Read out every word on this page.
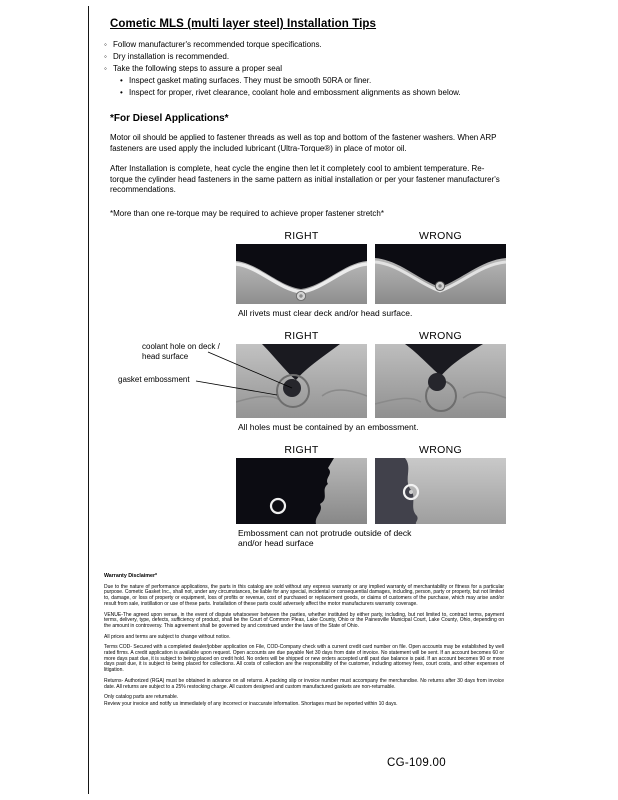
Cometic MLS (multi layer steel) Installation Tips
◦ Follow manufacturer's recommended torque specifications.
◦ Dry installation is recommended.
◦ Take the following steps to assure a proper seal
• Inspect gasket mating surfaces. They must be smooth 50RA or finer.
• Inspect for proper, rivet clearance, coolant hole and embossment alignments as shown below.
*For Diesel Applications*

Motor oil should be applied to fastener threads as well as top and bottom of the fastener washers. When ARP fasteners are used apply the included lubricant (Ultra-Torque®) in place of motor oil.

After Installation is complete, heat cycle the engine then let it completely cool to ambient temperature. Re-torque the cylinder head fasteners in the same pattern as initial installation or per your fastener manufacturer's recommendations.

*More than one re-torque may be required to achieve proper fastener stretch*

coolant hole on deck / head surface
gasket embossment
RIGHT	WRONG
All rivets must clear deck and/or head surface.
RIGHT	WRONG
All holes must be contained by an embossment.
RIGHT	WRONG
Embossment can not protrude outside of deck and/or head surface
Warranty Disclaimer*

Due to the nature of performance applications, the parts in this catalog are sold without any express warranty or any implied warranty of merchantability or fitness for a particular purpose. Cometic Gasket Inc., shall not, under any circumstances, be liable for any special, incidental or consequential damages, including, person, party or property, but not limited to, damage, or loss of property or equipment, loss of profits or revenue, cost of purchased or replacement goods, or claims of customers of the purchase, which may arise and/or result from sale, instillation or use of these parts. Installation of these parts could adversely affect the motor manufacturers warranty coverage.

VENUE-The agreed upon venue, in the event of dispute whatsoever between the parties, whether instituted by either party, including, but not limited to, contract terms, payment terms, delivery, type, defects, sufficiency of product, shall be the Court of Common Pleas, Lake County, Ohio or the Painesville Municipal Court, Lake County, Ohio, depending on the amount in controversy. This agreement shall be governed by and construed under the laws of the State of Ohio.

All prices and terms are subject to change without notice.

Terms COD- Secured with a completed dealer/jobber application on File, COD-Company check with a current credit card number on file. Open accounts may be established by well rated firms. A credit application is available upon request. Open accounts are due payable Net 30 days from date of invoice. No statement will be sent. If an account becomes 60 or more days past due, it is subject to being placed on credit hold. No orders will be shipped or new orders accepted until past due balance is paid. If an account becomes 90 or more days past due, it is subject to being placed for collections. All costs of collection are the responsibility of the customer, including attorney fees, court costs, and other expenses of litigation.

Returns- Authorized (RGA) must be obtained in advance on all returns. A packing slip or invoice number must accompany the merchandise. No returns after 30 days from invoice date. All returns are subject to a 25% restocking charge. All custom designed and custom manufactured gaskets are non-returnable.

Only catalog parts are returnable.

Review your invoice and notify us immediately of any incorrect or inaccurate information. Shortages must be reported within 10 days.

CG-109.00
